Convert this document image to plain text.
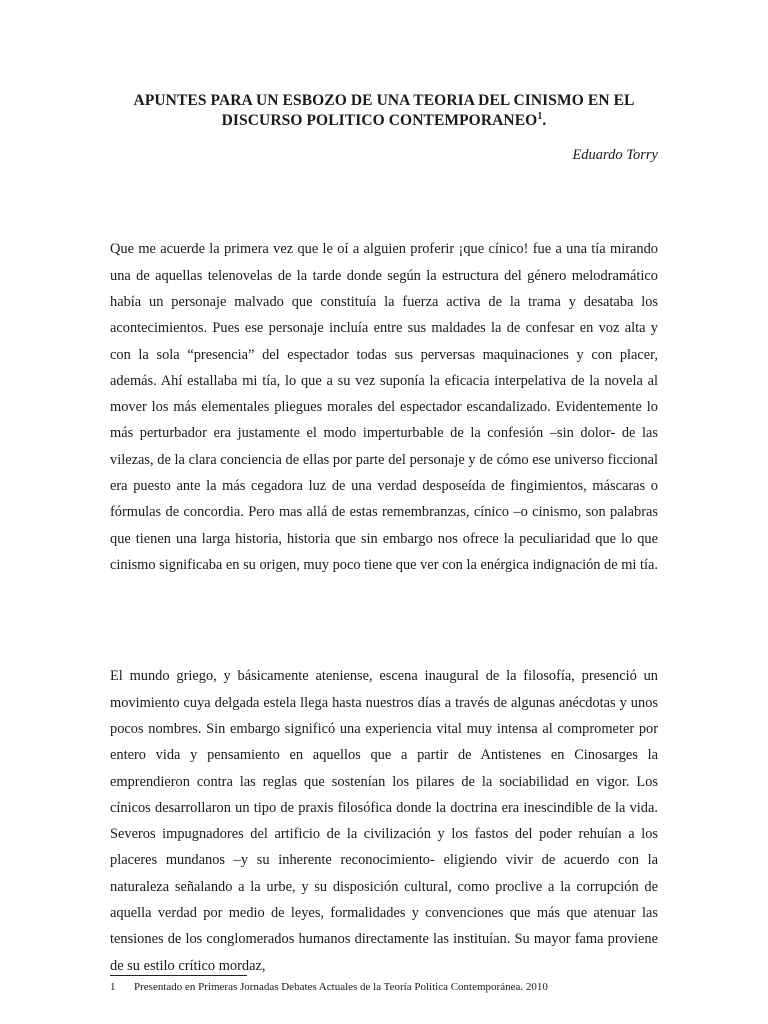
APUNTES PARA UN ESBOZO DE UNA TEORIA DEL CINISMO EN EL
DISCURSO POLITICO CONTEMPORANEO$^1$.
Eduardo Torry

Que me acuerde la primera vez que le oí a alguien proferir ¡que cínico! fue a una tía mirando una de aquellas telenovelas de la tarde donde según la estructura del género melodramático había un personaje malvado que constituía la fuerza activa de la trama y desataba los acontecimientos. Pues ese personaje incluía entre sus maldades la de confesar en voz alta y con la sola “presencia” del espectador todas sus perversas maquinaciones y con placer, además. Ahí estallaba mi tía, lo que a su vez suponía la eficacia interpelativa de la novela al mover los más elementales pliegues morales del espectador escandalizado. Evidentemente lo más perturbador era justamente el modo imperturbable de la confesión –sin dolor- de las vilezas, de la clara conciencia de ellas por parte del personaje y de cómo ese universo ficcional era puesto ante la más cegadora luz de una verdad desposeída de fingimientos, máscaras o fórmulas de concordia. Pero mas allá de estas remembranzas, cínico –o cinismo, son palabras que tienen una larga historia, historia que sin embargo nos ofrece la peculiaridad que lo que cinismo significaba en su origen, muy poco tiene que ver con la enérgica indignación de mi tía.

El mundo griego, y básicamente ateniense, escena inaugural de la filosofía, presenció un movimiento cuya delgada estela llega hasta nuestros días a través de algunas anécdotas y unos pocos nombres. Sin embargo significó una experiencia vital muy intensa al comprometer por entero vida y pensamiento en aquellos que a partir de Antistenes en Cinosarges la emprendieron contra las reglas que sostenían los pilares de la sociabilidad en vigor. Los cínicos desarrollaron un tipo de praxis filosófica donde la doctrina era inescindible de la vida. Severos impugnadores del artificio de la civilización y los fastos del poder rehuían a los placeres mundanos –y su inherente reconocimiento- eligiendo vivir de acuerdo con la naturaleza señalando a la urbe, y su disposición cultural, como proclive a la corrupción de aquella verdad por medio de leyes, formalidades y convenciones que más que atenuar las tensiones de los conglomerados humanos directamente las instituían. Su mayor fama proviene de su estilo crítico mordaz,

1 Presentado en Primeras Jornadas Debates Actuales de la Teoría Política Contemporánea. 2010
